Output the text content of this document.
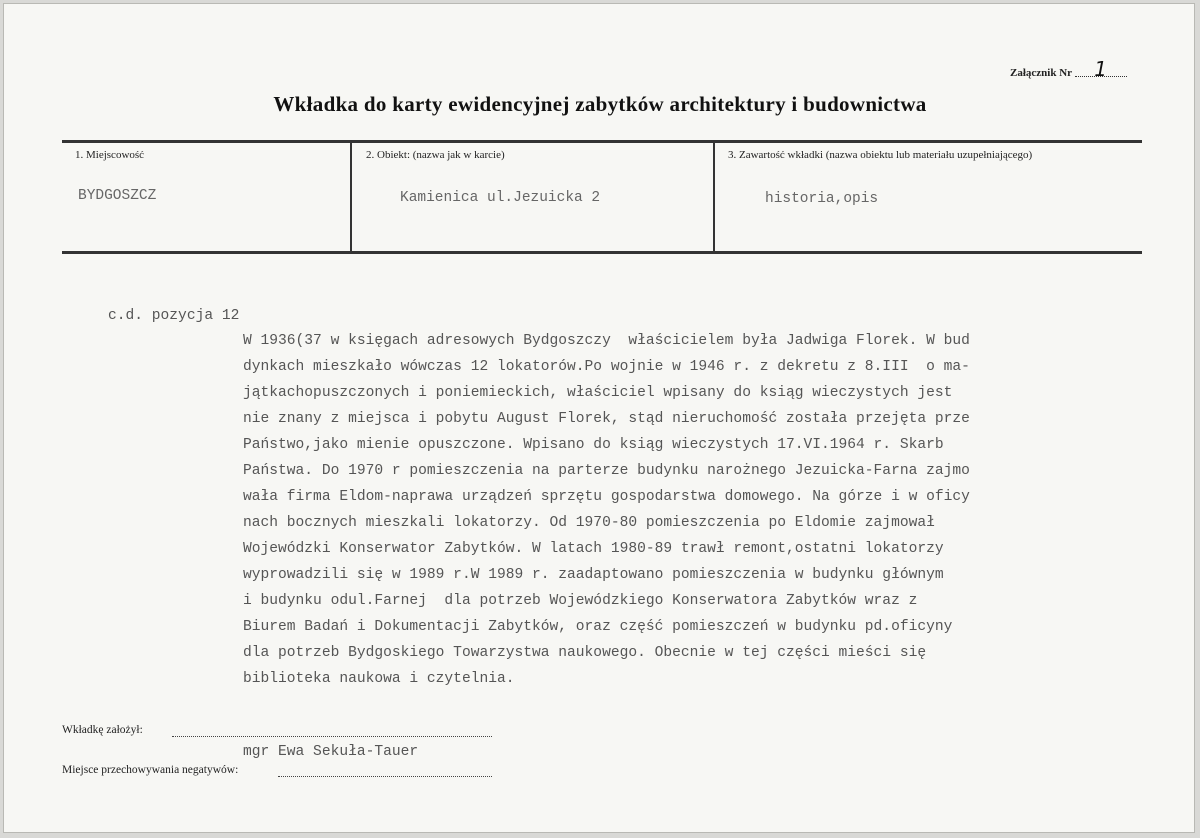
Załącznik Nr 1
Wkładka do karty ewidencyjnej zabytków architektury i budownictwa
1. Miejscowość	2. Obiekt: (nazwa jak w karcie)	3. Zawartość wkładki (nazwa obiektu lub materiału uzupełniającego)
BYDGOSZCZ	Kamienica ul.Jezuicka 2	historia,opis
c.d. pozycja 12
W 1936(37 w księgach adresowych Bydgoszczy  właścicielem była Jadwiga Florek. W bud
dynkach mieszkało wówczas 12 lokatorów.Po wojnie w 1946 r. z dekretu z 8.III  o ma-
jątkachopuszczonych i poniemieckich, właściciel wpisany do ksiąg wieczystych jest
nie znany z miejsca i pobytu August Florek, stąd nieruchomość została przejęta prze
Państwo,jako mienie opuszczone. Wpisano do ksiąg wieczystych 17.VI.1964 r. Skarb
Państwa. Do 1970 r pomieszczenia na parterze budynku narożnego Jezuicka-Farna zajmo
wała firma Eldom-naprawa urządzeń sprzętu gospodarstwa domowego. Na górze i w oficy
nach bocznych mieszkali lokatorzy. Od 1970-80 pomieszczenia po Eldomie zajmował
Wojewódzki Konserwator Zabytków. W latach 1980-89 trawł remont,ostatni lokatorzy
wyprowadzili się w 1989 r.W 1989 r. zaadaptowano pomieszczenia w budynku głównym
i budynku odul.Farnej  dla potrzeb Wojewódzkiego Konserwatora Zabytków wraz z
Biurem Badań i Dokumentacji Zabytków, oraz część pomieszczeń w budynku pd.oficyny
dla potrzeb Bydgoskiego Towarzystwa naukowego. Obecnie w tej części mieści się
biblioteka naukowa i czytelnia.
Wkładkę założył:
mgr Ewa Sekuła-Tauer
Miejsce przechowywania negatywów:
